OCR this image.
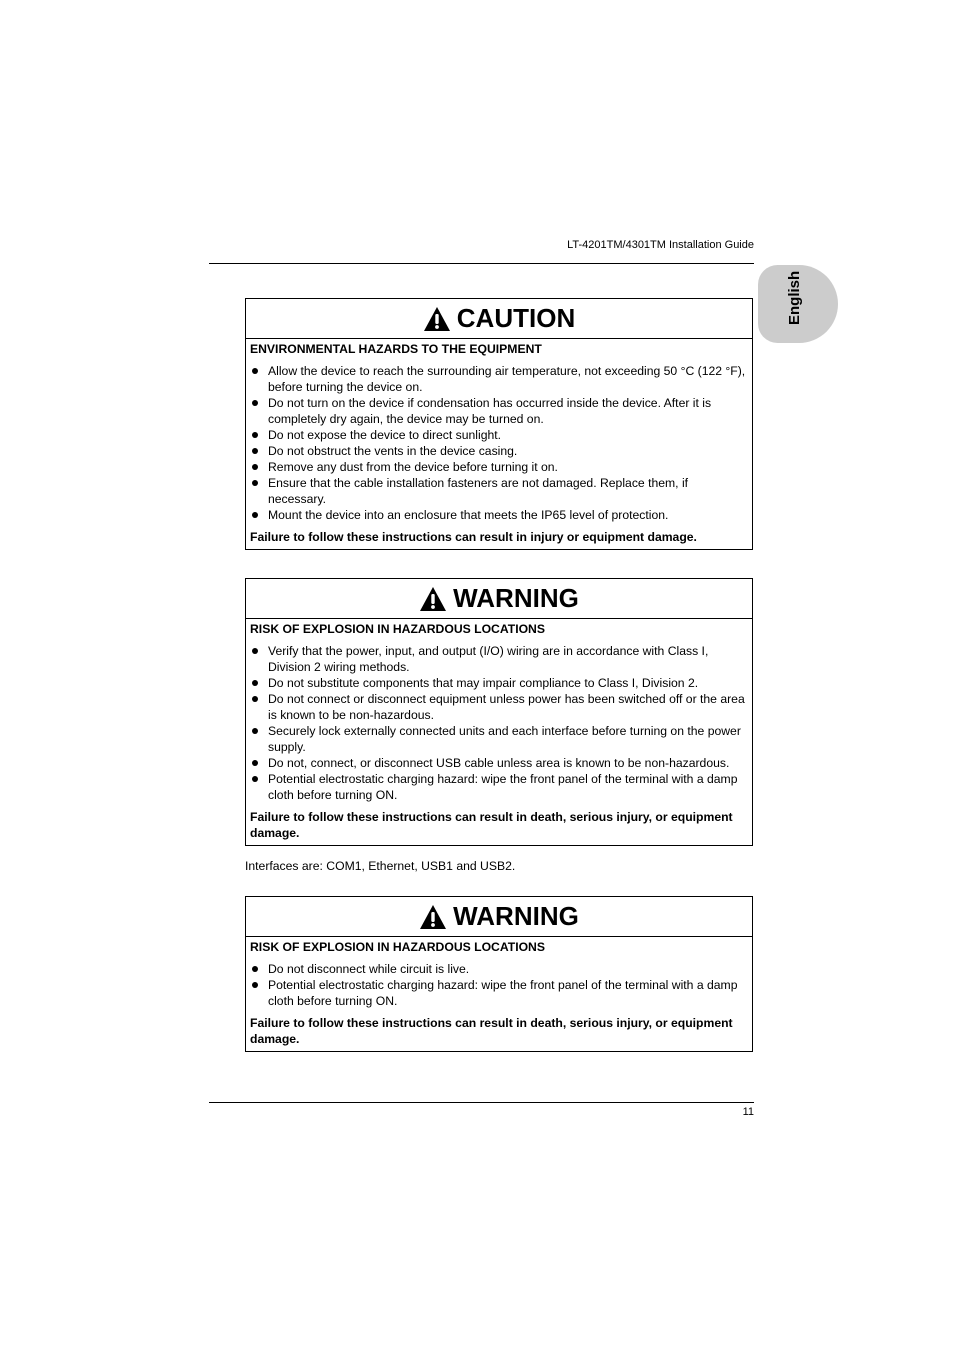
LT-4201TM/4301TM Installation Guide
English
CAUTION
ENVIRONMENTAL HAZARDS TO THE EQUIPMENT
Allow the device to reach the surrounding air temperature, not exceeding 50 °C (122 °F), before turning the device on.
Do not turn on the device if condensation has occurred inside the device. After it is completely dry again, the device may be turned on.
Do not expose the device to direct sunlight.
Do not obstruct the vents in the device casing.
Remove any dust from the device before turning it on.
Ensure that the cable installation fasteners are not damaged. Replace them, if necessary.
Mount the device into an enclosure that meets the IP65 level of protection.
Failure to follow these instructions can result in injury or equipment damage.
WARNING
RISK OF EXPLOSION IN HAZARDOUS LOCATIONS
Verify that the power, input, and output (I/O) wiring are in accordance with Class I, Division 2 wiring methods.
Do not substitute components that may impair compliance to Class I, Division 2.
Do not connect or disconnect equipment unless power has been switched off or the area is known to be non-hazardous.
Securely lock externally connected units and each interface before turning on the power supply.
Do not, connect, or disconnect USB cable unless area is known to be non-hazardous.
Potential electrostatic charging hazard: wipe the front panel of the terminal with a damp cloth before turning ON.
Failure to follow these instructions can result in death, serious injury, or equipment damage.
Interfaces are: COM1, Ethernet, USB1 and USB2.
WARNING
RISK OF EXPLOSION IN HAZARDOUS LOCATIONS
Do not disconnect while circuit is live.
Potential electrostatic charging hazard: wipe the front panel of the terminal with a damp cloth before turning ON.
Failure to follow these instructions can result in death, serious injury, or equipment damage.
11
